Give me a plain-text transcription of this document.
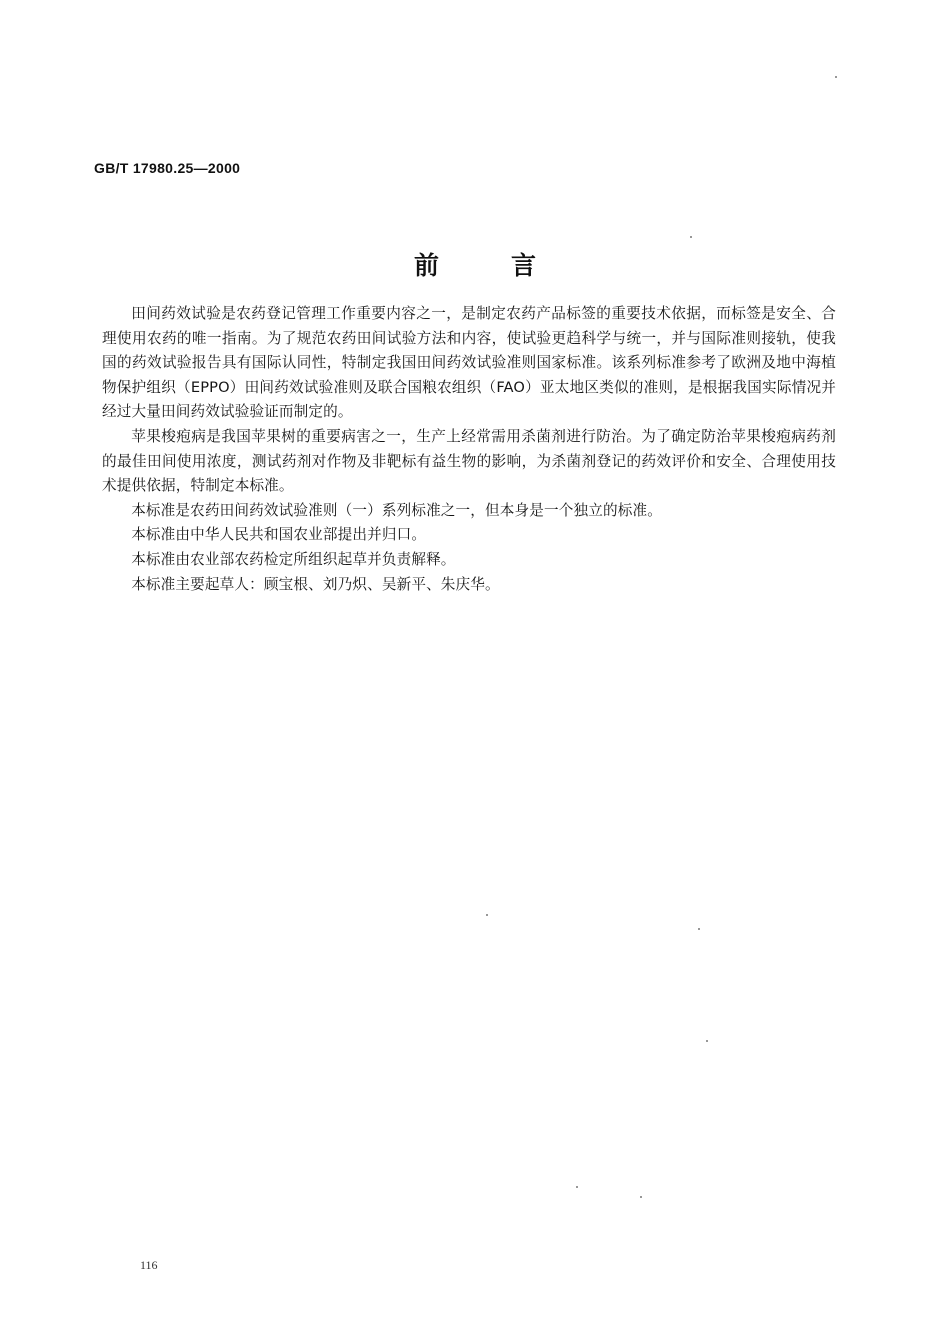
GB/T 17980.25—2000
前	言

田间药效试验是农药登记管理工作重要内容之一，是制定农药产品标签的重要技术依据，而标签是安全、合理使用农药的唯一指南。为了规范农药田间试验方法和内容，使试验更趋科学与统一，并与国际准则接轨，使我国的药效试验报告具有国际认同性，特制定我国田间药效试验准则国家标准。该系列标准参考了欧洲及地中海植物保护组织（EPPO）田间药效试验准则及联合国粮农组织（FAO）亚太地区类似的准则，是根据我国实际情况并经过大量田间药效试验验证而制定的。

苹果梭疱病是我国苹果树的重要病害之一，生产上经常需用杀菌剂进行防治。为了确定防治苹果梭疱病药剂的最佳田间使用浓度，测试药剂对作物及非靶标有益生物的影响，为杀菌剂登记的药效评价和安全、合理使用技术提供依据，特制定本标准。

本标准是农药田间药效试验准则（一）系列标准之一，但本身是一个独立的标准。

本标准由中华人民共和国农业部提出并归口。

本标准由农业部农药检定所组织起草并负责解释。

本标准主要起草人：顾宝根、刘乃炽、吴新平、朱庆华。

116
